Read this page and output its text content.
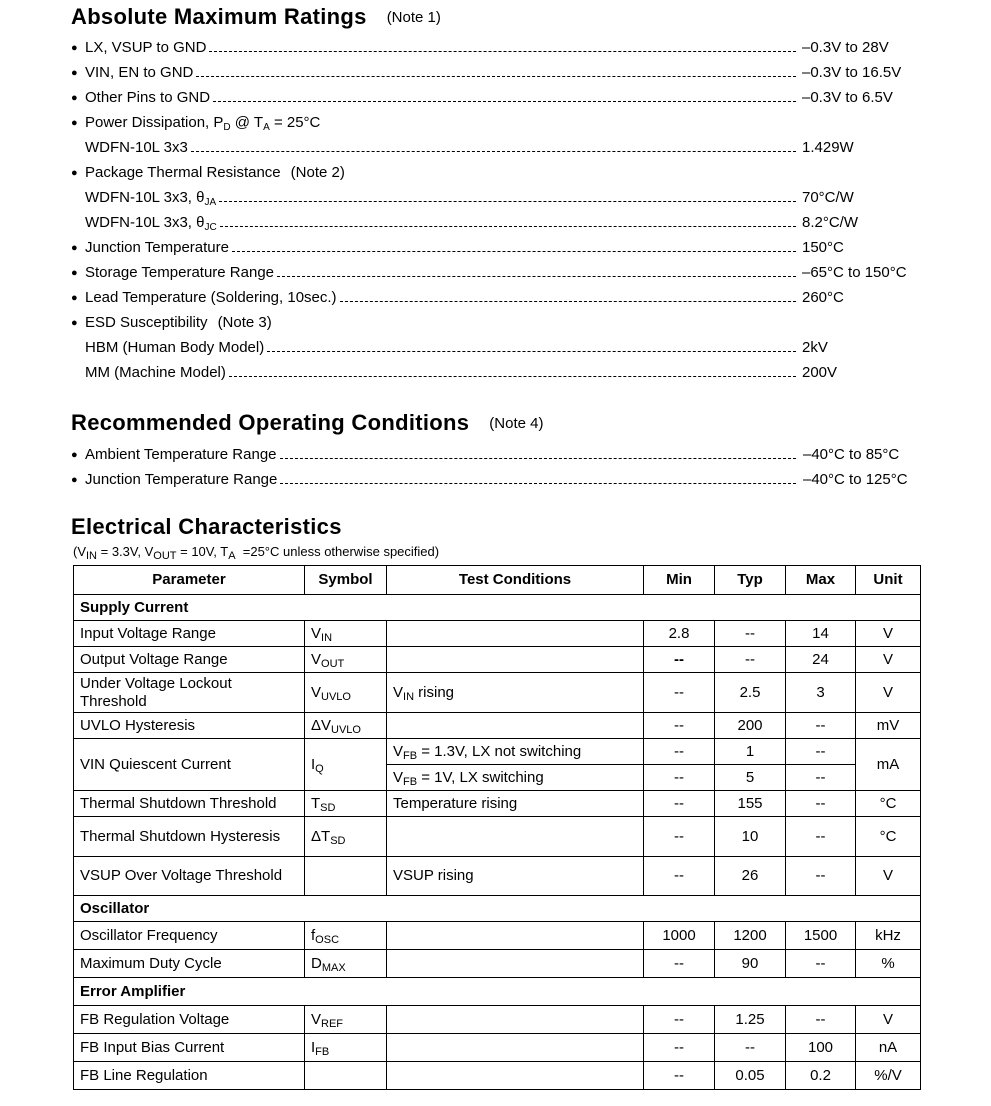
Absolute Maximum Ratings (Note 1)
● LX, VSUP to GND	–0.3V to 28V
● VIN, EN to GND	–0.3V to 16.5V
● Other Pins to GND	–0.3V to 6.5V
● Power Dissipation, $P_D$ @ $T_A = 25^\circ C$
WDFN-10L 3x3	1.429W
● Package Thermal Resistance (Note 2)
WDFN-10L 3x3, $\theta_{JA}$	70°C/W
WDFN-10L 3x3, $\theta_{JC}$	8.2°C/W
● Junction Temperature	150°C
● Storage Temperature Range	–65°C to 150°C
● Lead Temperature (Soldering, 10sec.)	260°C
● ESD Susceptibility (Note 3)
HBM (Human Body Model)	2kV
MM (Machine Model)	200V
Recommended Operating Conditions (Note 4)
● Ambient Temperature Range	–40°C to 85°C
● Junction Temperature Range	–40°C to 125°C
Electrical Characteristics
($V_{IN} = 3.3V$, $V_{OUT} = 10V$, $T_A =25^\circ C$ unless otherwise specified)
Parameter	Symbol	Test Conditions	Min	Typ	Max	Unit
Supply Current						
Input Voltage Range	$V_{IN}$		2.8	--	14	V
Output Voltage Range	$V_{OUT}$		--	--	24	V
Under Voltage Lockout Threshold	$V_{UVLO}$	$V_{IN}$ rising	--	2.5	3	V
UVLO Hysteresis	$\Delta V_{UVLO}$		--	200	--	mV
VIN Quiescent Current	$I_Q$	$V_{FB} = 1.3V$, LX not switching	--	1	--	mA
		$V_{FB} = 1V$, LX switching	--	5	--	
Thermal Shutdown Threshold	$T_{SD}$	Temperature rising	--	155	--	°C
Thermal Shutdown Hysteresis	$\Delta T_{SD}$		--	10	--	°C
VSUP Over Voltage Threshold		VSUP rising	--	26	--	V
Oscillator						
Oscillator Frequency	$f_{OSC}$		1000	1200	1500	kHz
Maximum Duty Cycle	$D_{MAX}$		--	90	--	%
Error Amplifier						
FB Regulation Voltage	$V_{REF}$		--	1.25	--	V
FB Input Bias Current	$I_{FB}$		--	--	100	nA
FB Line Regulation			--	0.05	0.2	%/V
